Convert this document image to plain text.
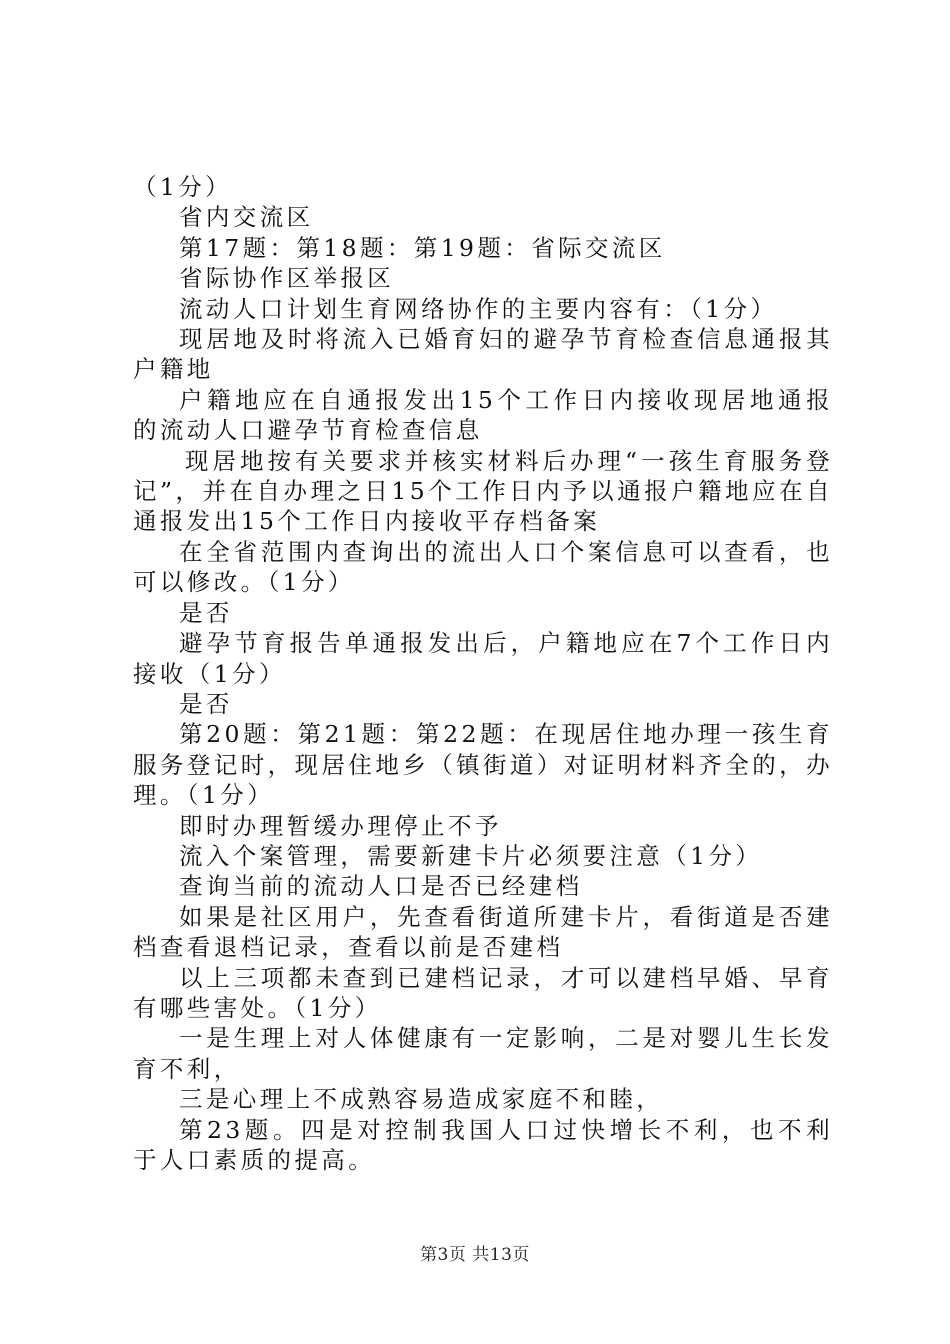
（1分）

省内交流区

第17题：第18题：第19题：省际交流区

省际协作区举报区

流动人口计划生育网络协作的主要内容有：（1分）

现居地及时将流入已婚育妇的避孕节育检查信息通报其户籍地

户籍地应在自通报发出15个工作日内接收现居地通报的流动人口避孕节育检查信息

现居地按有关要求并核实材料后办理“一孩生育服务登记”，并在自办理之日15个工作日内予以通报户籍地应在自通报发出15个工作日内接收平存档备案

在全省范围内查询出的流出人口个案信息可以查看，也可以修改。（1分）

是否

避孕节育报告单通报发出后，户籍地应在7个工作日内接收（1分）

是否

第20题：第21题：第22题：在现居住地办理一孩生育服务登记时，现居住地乡（镇街道）对证明材料齐全的，办理。（1分）

即时办理暂缓办理停止不予

流入个案管理，需要新建卡片必须要注意（1分）

查询当前的流动人口是否已经建档

如果是社区用户，先查看街道所建卡片，看街道是否建档查看退档记录，查看以前是否建档

以上三项都未查到已建档记录，才可以建档早婚、早育有哪些害处。（1分）

一是生理上对人体健康有一定影响，二是对婴儿生长发育不利，

三是心理上不成熟容易造成家庭不和睦，

第23题。四是对控制我国人口过快增长不利，也不利于人口素质的提高。

第3页 共13页
